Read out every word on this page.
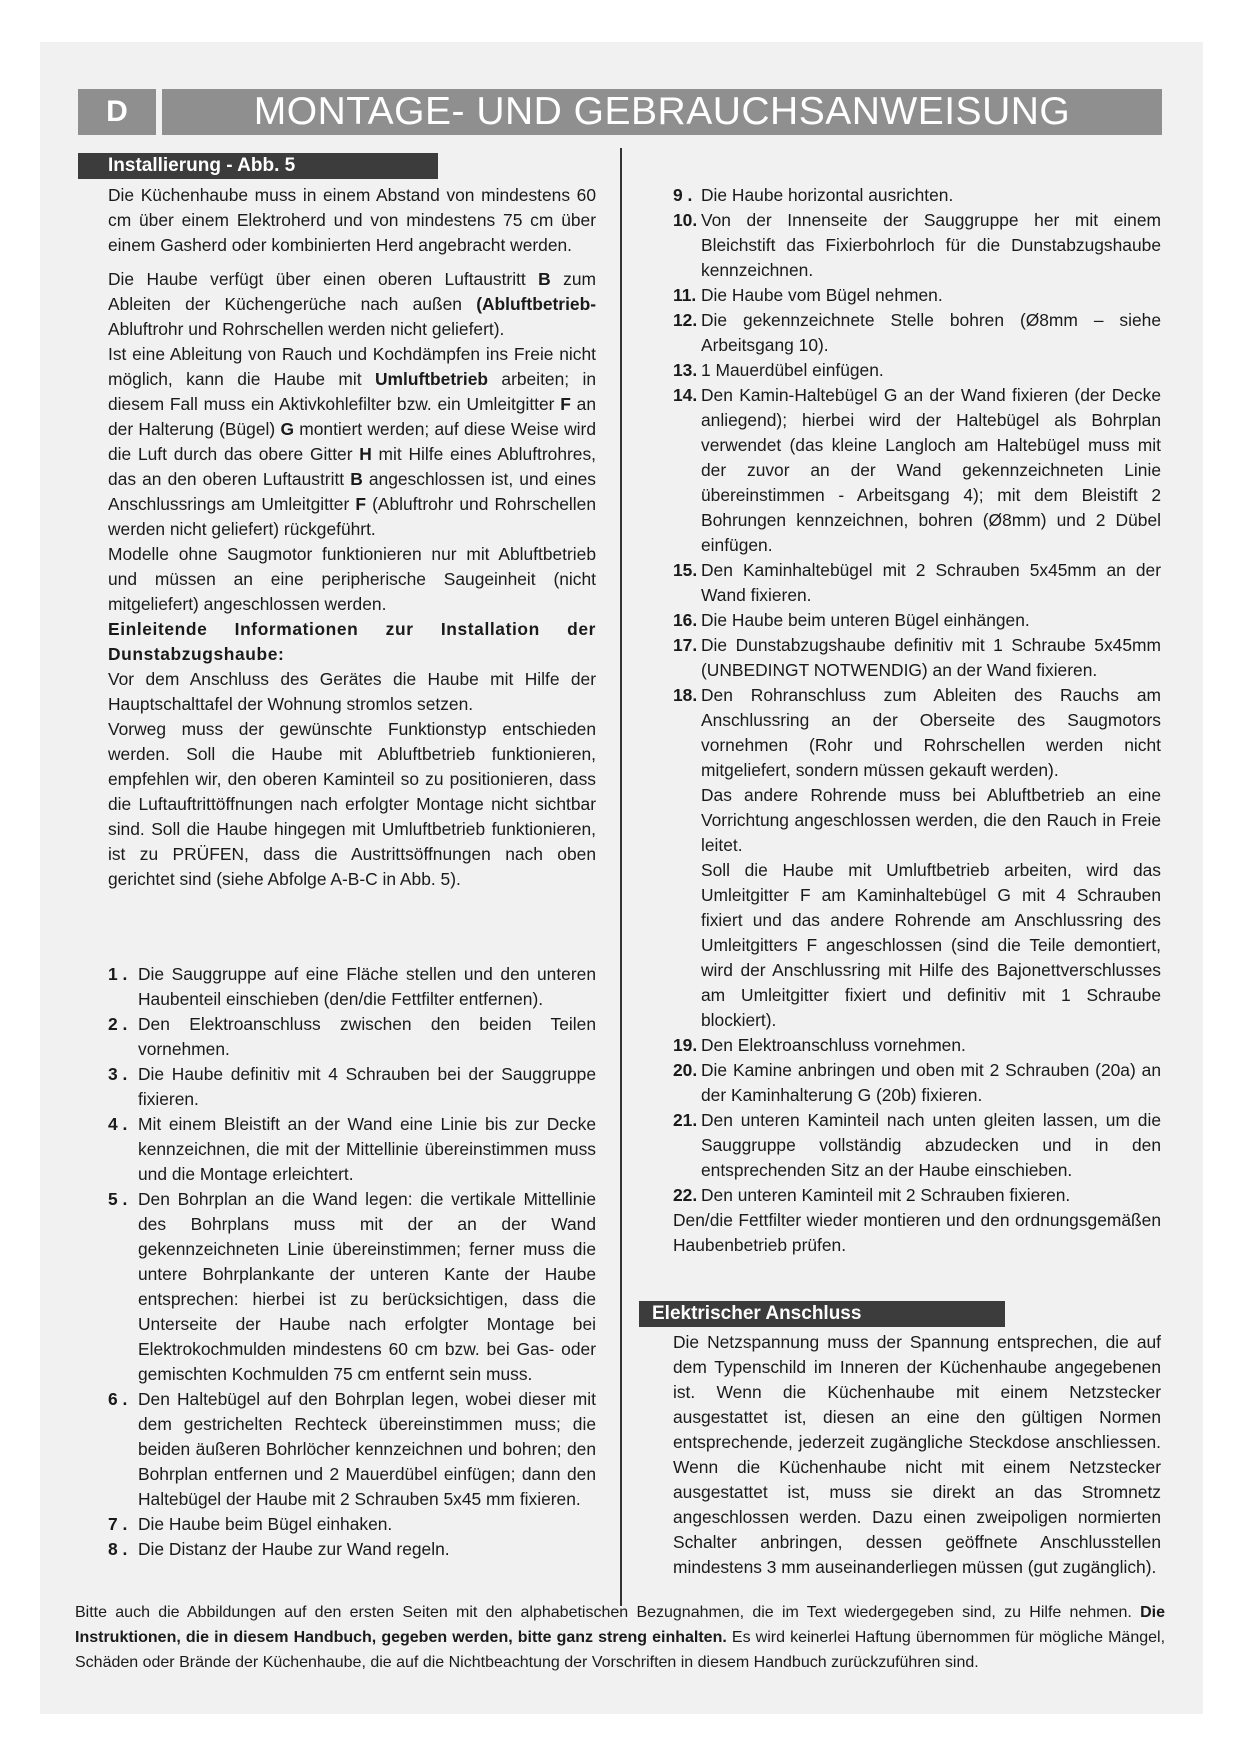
D	MONTAGE- UND GEBRAUCHSANWEISUNG
Installierung - Abb. 5

Die Küchenhaube muss in einem Abstand von mindestens 60 cm über einem Elektroherd und von mindestens 75 cm über einem Gasherd oder kombinierten Herd angebracht werden.

Die Haube verfügt über einen oberen Luftaustritt B zum Ableiten der Küchengerüche nach außen (Abluftbetrieb- Abluftrohr und Rohrschellen werden nicht geliefert).

Ist eine Ableitung von Rauch und Kochdämpfen ins Freie nicht möglich, kann die Haube mit Umluftbetrieb arbeiten; in diesem Fall muss ein Aktivkohlefilter bzw. ein Umleitgitter F an der Halterung (Bügel) G montiert werden; auf diese Weise wird die Luft durch das obere Gitter H mit Hilfe eines Abluftrohres, das an den oberen Luftaustritt B angeschlossen ist, und eines Anschlussrings am Umleitgitter F (Abluftrohr und Rohrschellen werden nicht geliefert) rückgeführt.

Modelle ohne Saugmotor funktionieren nur mit Abluftbetrieb und müssen an eine peripherische Saugeinheit (nicht mitgeliefert) angeschlossen werden.

Einleitende Informationen zur Installation der Dunstabzugshaube:

Vor dem Anschluss des Gerätes die Haube mit Hilfe der Hauptschalttafel der Wohnung stromlos setzen.

Vorweg muss der gewünschte Funktionstyp entschieden werden. Soll die Haube mit Abluftbetrieb funktionieren, empfehlen wir, den oberen Kaminteil so zu positionieren, dass die Luftauftrittöffnungen nach erfolgter Montage nicht sichtbar sind. Soll die Haube hingegen mit Umluftbetrieb funktionieren, ist zu PRÜFEN, dass die Austrittsöffnungen nach oben gerichtet sind (siehe Abfolge A-B-C in Abb. 5).

1 . Die Sauggruppe auf eine Fläche stellen und den unteren Haubenteil einschieben (den/die Fettfilter entfernen).
2 . Den Elektroanschluss zwischen den beiden Teilen vornehmen.
3 . Die Haube definitiv mit 4 Schrauben bei der Sauggruppe fixieren.
4 . Mit einem Bleistift an der Wand eine Linie bis zur Decke kennzeichnen, die mit der Mittellinie übereinstimmen muss und die Montage erleichtert.
5 . Den Bohrplan an die Wand legen: die vertikale Mittellinie des Bohrplans muss mit der an der Wand gekennzeichneten Linie übereinstimmen; ferner muss die untere Bohrplankante der unteren Kante der Haube entsprechen: hierbei ist zu berücksichtigen, dass die Unterseite der Haube nach erfolgter Montage bei Elektrokochmulden mindestens 60 cm bzw. bei Gas- oder gemischten Kochmulden 75 cm entfernt sein muss.
6 . Den Haltebügel auf den Bohrplan legen, wobei dieser mit dem gestrichelten Rechteck übereinstimmen muss; die beiden äußeren Bohrlöcher kennzeichnen und bohren; den Bohrplan entfernen und 2 Mauerdübel einfügen; dann den Haltebügel der Haube mit 2 Schrauben 5x45 mm fixieren.
7 . Die Haube beim Bügel einhaken.
8 . Die Distanz der Haube zur Wand regeln.
9 . Die Haube horizontal ausrichten.
10. Von der Innenseite der Sauggruppe her mit einem Bleichstift das Fixierbohrloch für die Dunstabzugshaube kennzeichnen.
11. Die Haube vom Bügel nehmen.
12. Die gekennzeichnete Stelle bohren (Ø8mm – siehe Arbeitsgang 10).
13. 1 Mauerdübel einfügen.
14. Den Kamin-Haltebügel G an der Wand fixieren (der Decke anliegend); hierbei wird der Haltebügel als Bohrplan verwendet (das kleine Langloch am Haltebügel muss mit der zuvor an der Wand gekennzeichneten Linie übereinstimmen - Arbeitsgang 4); mit dem Bleistift 2 Bohrungen kennzeichnen, bohren (Ø8mm) und 2 Dübel einfügen.
15. Den Kaminhaltebügel mit 2 Schrauben 5x45mm an der Wand fixieren.
16. Die Haube beim unteren Bügel einhängen.
17. Die Dunstabzugshaube definitiv mit 1 Schraube 5x45mm (UNBEDINGT NOTWENDIG) an der Wand fixieren.
18. Den Rohranschluss zum Ableiten des Rauchs am Anschlussring an der Oberseite des Saugmotors vornehmen (Rohr und Rohrschellen werden nicht mitgeliefert, sondern müssen gekauft werden).
Das andere Rohrende muss bei Abluftbetrieb an eine Vorrichtung angeschlossen werden, die den Rauch in Freie leitet.
Soll die Haube mit Umluftbetrieb arbeiten, wird das Umleitgitter F am Kaminhaltebügel G mit 4 Schrauben fixiert und das andere Rohrende am Anschlussring des Umleitgitters F angeschlossen (sind die Teile demontiert, wird der Anschlussring mit Hilfe des Bajonettverschlusses am Umleitgitter fixiert und definitiv mit 1 Schraube blockiert).
19. Den Elektroanschluss vornehmen.
20. Die Kamine anbringen und oben mit 2 Schrauben (20a) an der Kaminhalterung G (20b) fixieren.
21. Den unteren Kaminteil nach unten gleiten lassen, um die Sauggruppe vollständig abzudecken und in den entsprechenden Sitz an der Haube einschieben.
22. Den unteren Kaminteil mit 2 Schrauben fixieren.
Den/die Fettfilter wieder montieren und den ordnungsgemäßen Haubenbetrieb prüfen.
Elektrischer Anschluss
Die Netzspannung muss der Spannung entsprechen, die auf dem Typenschild im Inneren der Küchenhaube angegebenen ist. Wenn die Küchenhaube mit einem Netzstecker ausgestattet ist, diesen an eine den gültigen Normen entsprechende, jederzeit zugängliche Steckdose anschliessen. Wenn die Küchenhaube nicht mit einem Netzstecker ausgestattet ist, muss sie direkt an das Stromnetz angeschlossen werden. Dazu einen zweipoligen normierten Schalter anbringen, dessen geöffnete Anschlusstellen mindestens 3 mm auseinanderliegen müssen (gut zugänglich).
Bitte auch die Abbildungen auf den ersten Seiten mit den alphabetischen Bezugnahmen, die im Text wiedergegeben sind, zu Hilfe nehmen. Die Instruktionen, die in diesem Handbuch, gegeben werden, bitte ganz streng einhalten. Es wird keinerlei Haftung übernommen für mögliche Mängel, Schäden oder Brände der Küchenhaube, die auf die Nichtbeachtung der Vorschriften in diesem Handbuch zurückzuführen sind.
